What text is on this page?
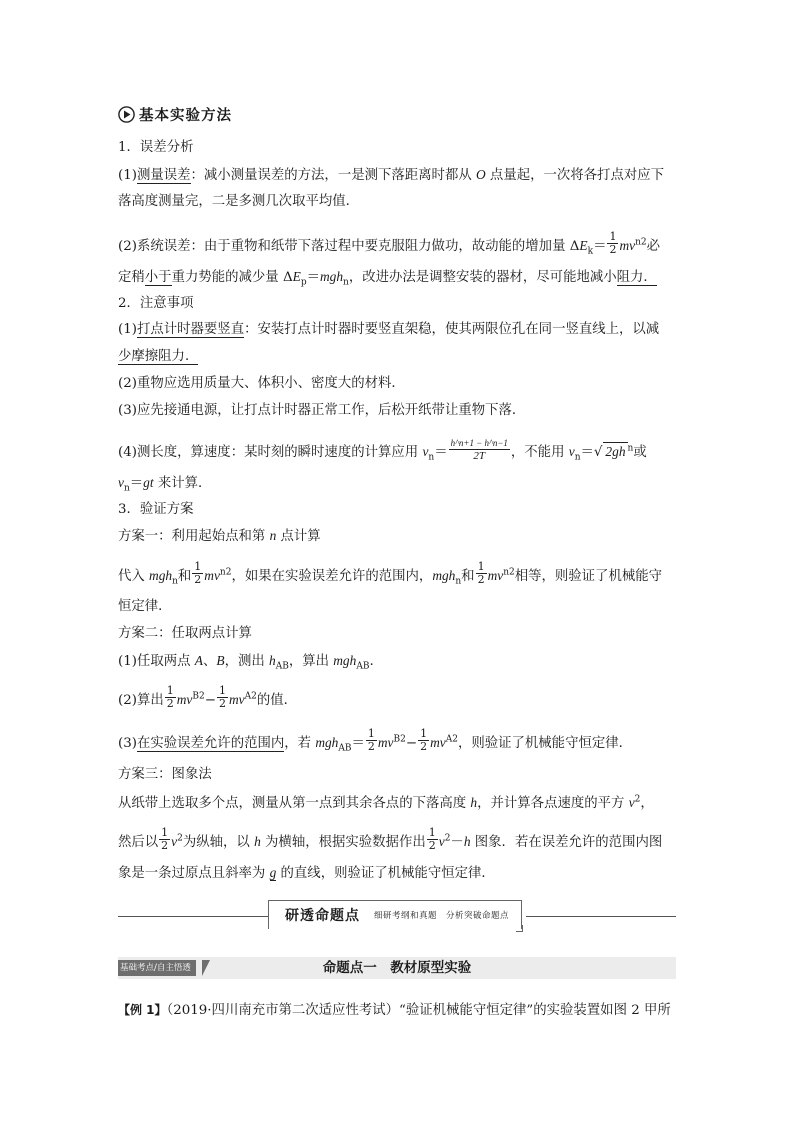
基本实验方法
1．误差分析
(1)测量误差：减小测量误差的方法，一是测下落距离时都从 O 点量起，一次将各打点对应下
落高度测量完，二是多测几次取平均值．
(2)系统误差：由于重物和纸带下落过程中要克服阻力做功，故动能的增加量 $\Delta E_k= \frac{1}{2} mv^{n2}$必
定稍小于重力势能的减少量 $\Delta E_p=mgh_n$，改进办法是调整安装的器材，尽可能地减小阻力．
2．注意事项
(1)打点计时器要竖直：安装打点计时器时要竖直架稳，使其两限位孔在同一竖直线上，以减
少摩擦阻力．
(2)重物应选用质量大、体积小、密度大的材料．
(3)应先接通电源，让打点计时器正常工作，后松开纸带让重物下落．
(4)测长度，算速度：某时刻的瞬时速度的计算应用 $v_n= \frac{h\^{}n+1 - h\^{}n-1}{2T}$ ，不能用 $v_n=√$ 2gh $^n$或
$v_n=gt$ 来计算．
3．验证方案
方案一：利用起始点和第 n 点计算
代入 mgh$_n$和 $\frac{1}{2} mv^{n2}$，如果在实验误差允许的范围内，mgh$_n$和 $\frac{1}{2} mv^{n2}$相等，则验证了机械能守
恒定律．
方案二：任取两点计算
(1)任取两点 A、B，测出 $h_{AB}$，算出 mgh$_{AB}$.
(2)算出 $\frac{1}{2} mv^{B2}- \frac{1}{2} mv^{A2}$的值．
(3)在实验误差允许的范围内，若 $mgh_{AB}= \frac{1}{2} mv^{B2}- \frac{1}{2} mv^{A2}$，则验证了机械能守恒定律．
方案三：图象法
从纸带上选取多个点，测量从第一点到其余各点的下落高度 h，并计算各点速度的平方 $v^2$，
然后以 $\frac{1}{2} v^2$为纵轴，以 h 为横轴，根据实验数据作出 $\frac{1}{2} v^2-h$ 图象．若在误差允许的范围内图
象是一条过原点且斜率为 g 的直线，则验证了机械能守恒定律．
研透命题点 细研考纲和真题　分析突破命题点
命题点一　教材原型实验
基础考点/自主悟透
【例 1】（2019·四川南充市第二次适应性考试）“验证机械能守恒定律”的实验装置如图 2 甲所
